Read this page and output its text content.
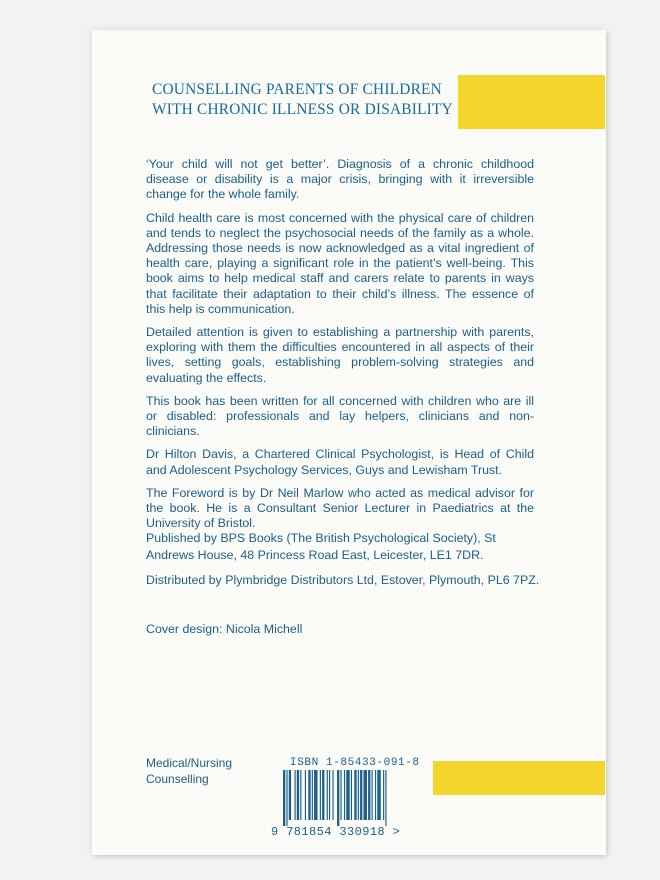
COUNSELLING PARENTS OF CHILDREN
WITH CHRONIC ILLNESS OR DISABILITY

‘Your child will not get better’. Diagnosis of a chronic childhood disease or disability is a major crisis, bringing with it irreversible change for the whole family.

Child health care is most concerned with the physical care of children and tends to neglect the psychosocial needs of the family as a whole. Addressing those needs is now acknowledged as a vital ingredient of health care, playing a significant role in the patient’s well-being. This book aims to help medical staff and carers relate to parents in ways that facilitate their adaptation to their child’s illness. The essence of this help is communication.

Detailed attention is given to establishing a partnership with parents, exploring with them the difficulties encountered in all aspects of their lives, setting goals, establishing problem-solving strategies and evaluating the effects.

This book has been written for all concerned with children who are ill or disabled: professionals and lay helpers, clinicians and non-clinicians.

Dr Hilton Davis, a Chartered Clinical Psychologist, is Head of Child and Adolescent Psychology Services, Guys and Lewisham Trust.

The Foreword is by Dr Neil Marlow who acted as medical advisor for the book. He is a Consultant Senior Lecturer in Paediatrics at the University of Bristol.

Published by BPS Books (The British Psychological Society), St Andrews House, 48 Princess Road East, Leicester, LE1 7DR.

Distributed by Plymbridge Distributors Ltd, Estover, Plymouth, PL6 7PZ.

Cover design: Nicola Michell
Medical/Nursing
Counselling
ISBN 1-85433-091-8
9 781854 330918 >
